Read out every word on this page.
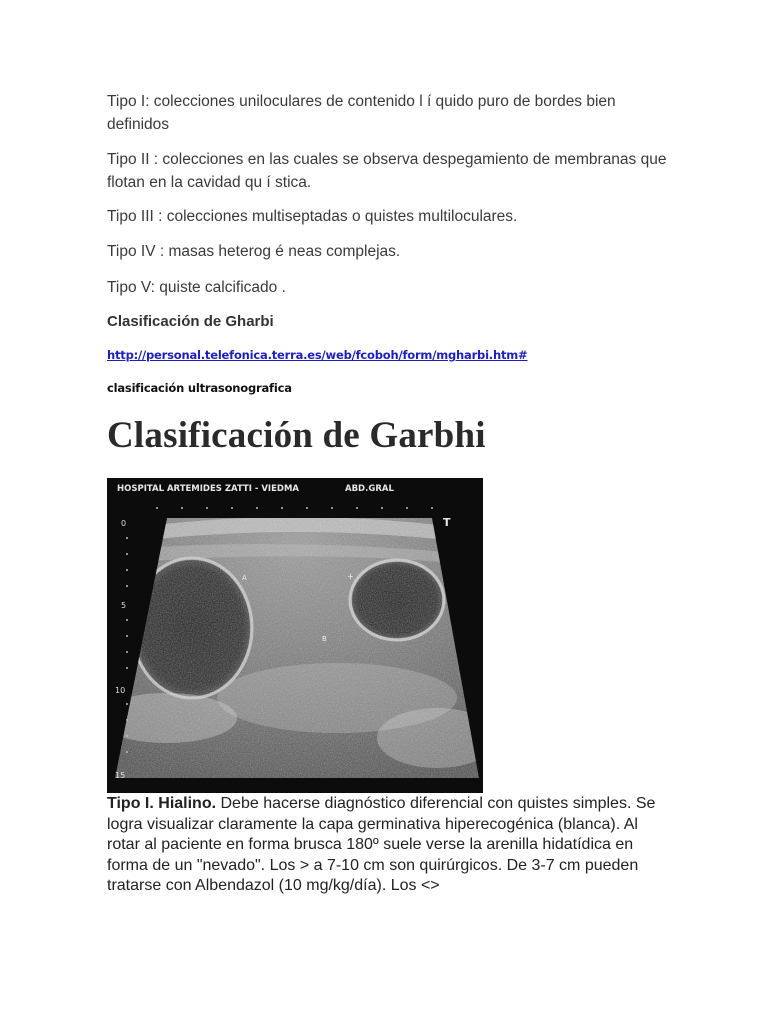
Tipo I: colecciones uniloculares de contenido l í quido puro de bordes bien definidos
Tipo II : colecciones en las cuales se observa despegamiento de membranas que flotan en la cavidad qu í stica.
Tipo III : colecciones multiseptadas o quistes multiloculares.
Tipo IV : masas heterog é neas complejas.
Tipo V: quiste calcificado .
Clasificación de Gharbi
http://personal.telefonica.terra.es/web/fcoboh/form/mgharbi.htm#
clasificación ultrasonografica
Clasificación de Garbhi
HOSPITAL ARTEMIDES ZATTI - VIEDMA	ABD.GRAL
0
5
10
15
T
A
B
+
Tipo I. Hialino. Debe hacerse diagnóstico diferencial con quistes simples. Se logra visualizar claramente la capa germinativa hiperecogénica (blanca). Al rotar al paciente en forma brusca 180º suele verse la arenilla hidatídica en forma de un "nevado". Los > a 7-10 cm son quirúrgicos. De 3-7 cm pueden tratarse con Albendazol (10 mg/kg/día). Los <>
